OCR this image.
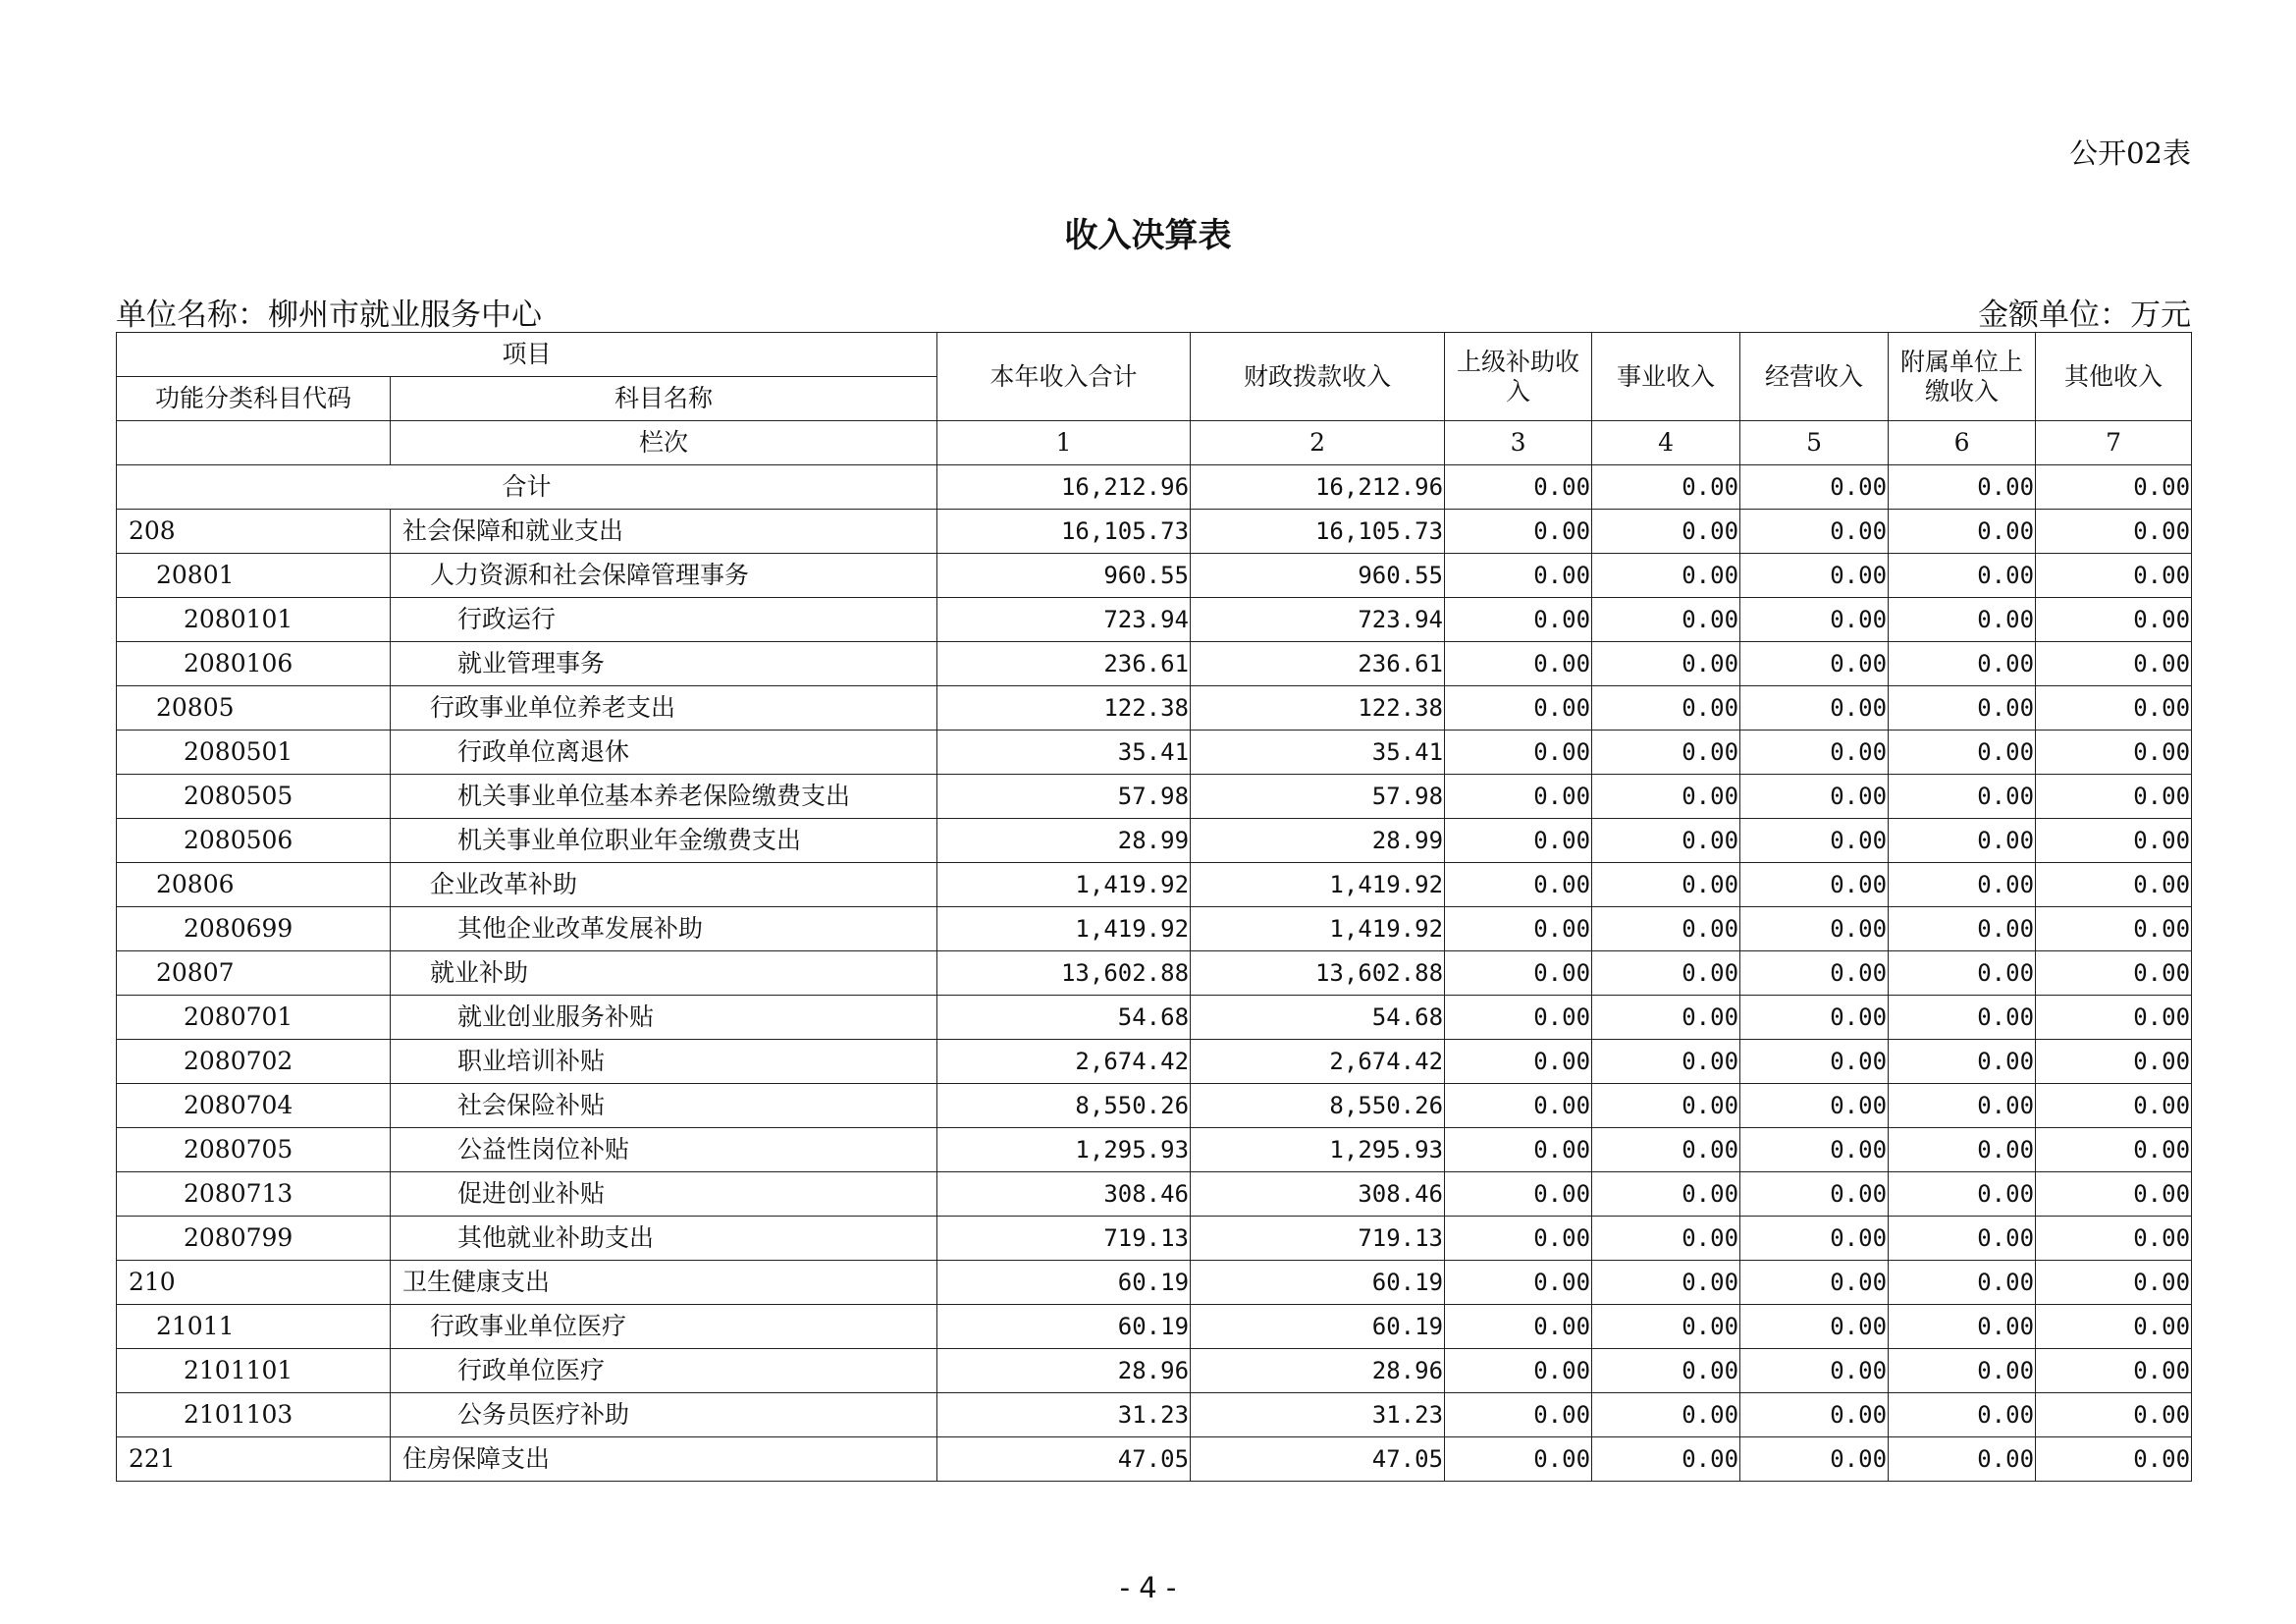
公开02表
收入决算表
单位名称：柳州市就业服务中心	金额单位：万元
项目		本年收入合计	财政拨款收入	上级补助收入	事业收入	经营收入	附属单位上缴收入	其他收入
功能分类科目代码	科目名称							
	栏次	1	2	3	4	5	6	7
合计		16,212.96	16,212.96	0.00	0.00	0.00	0.00	0.00
208	社会保障和就业支出	16,105.73	16,105.73	0.00	0.00	0.00	0.00	0.00
20801	人力资源和社会保障管理事务	960.55	960.55	0.00	0.00	0.00	0.00	0.00
2080101	行政运行	723.94	723.94	0.00	0.00	0.00	0.00	0.00
2080106	就业管理事务	236.61	236.61	0.00	0.00	0.00	0.00	0.00
20805	行政事业单位养老支出	122.38	122.38	0.00	0.00	0.00	0.00	0.00
2080501	行政单位离退休	35.41	35.41	0.00	0.00	0.00	0.00	0.00
2080505	机关事业单位基本养老保险缴费支出	57.98	57.98	0.00	0.00	0.00	0.00	0.00
2080506	机关事业单位职业年金缴费支出	28.99	28.99	0.00	0.00	0.00	0.00	0.00
20806	企业改革补助	1,419.92	1,419.92	0.00	0.00	0.00	0.00	0.00
2080699	其他企业改革发展补助	1,419.92	1,419.92	0.00	0.00	0.00	0.00	0.00
20807	就业补助	13,602.88	13,602.88	0.00	0.00	0.00	0.00	0.00
2080701	就业创业服务补贴	54.68	54.68	0.00	0.00	0.00	0.00	0.00
2080702	职业培训补贴	2,674.42	2,674.42	0.00	0.00	0.00	0.00	0.00
2080704	社会保险补贴	8,550.26	8,550.26	0.00	0.00	0.00	0.00	0.00
2080705	公益性岗位补贴	1,295.93	1,295.93	0.00	0.00	0.00	0.00	0.00
2080713	促进创业补贴	308.46	308.46	0.00	0.00	0.00	0.00	0.00
2080799	其他就业补助支出	719.13	719.13	0.00	0.00	0.00	0.00	0.00
210	卫生健康支出	60.19	60.19	0.00	0.00	0.00	0.00	0.00
21011	行政事业单位医疗	60.19	60.19	0.00	0.00	0.00	0.00	0.00
2101101	行政单位医疗	28.96	28.96	0.00	0.00	0.00	0.00	0.00
2101103	公务员医疗补助	31.23	31.23	0.00	0.00	0.00	0.00	0.00
221	住房保障支出	47.05	47.05	0.00	0.00	0.00	0.00	0.00
- 4 -
